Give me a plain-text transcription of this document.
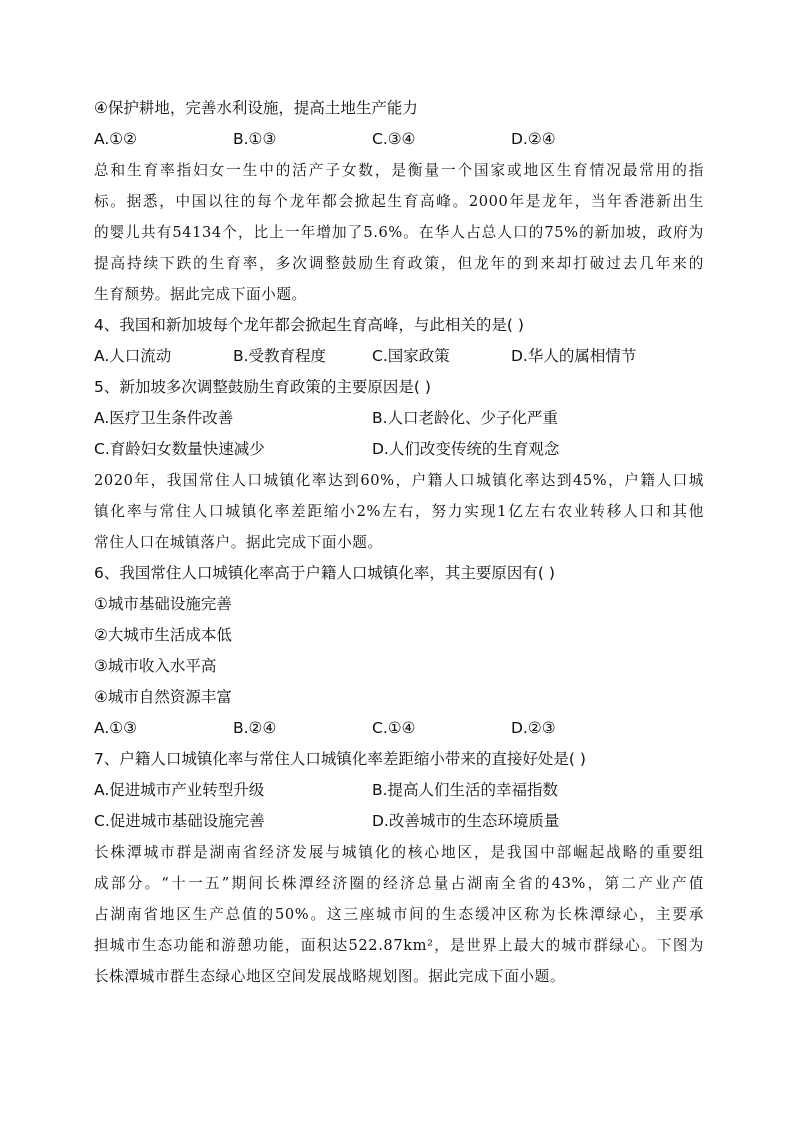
④保护耕地，完善水利设施，提高土地生产能力
A.①②	B.①③	C.③④	D.②④
总和生育率指妇女一生中的活产子女数，是衡量一个国家或地区生育情况最常用的指
标。据悉，中国以往的每个龙年都会掀起生育高峰。2000年是龙年，当年香港新出生
的婴儿共有54134个，比上一年增加了5.6%。在华人占总人口的75%的新加坡，政府为
提高持续下跌的生育率，多次调整鼓励生育政策，但龙年的到来却打破过去几年来的
生育颓势。据此完成下面小题。
4、我国和新加坡每个龙年都会掀起生育高峰，与此相关的是( )
A.人口流动	B.受教育程度	C.国家政策	D.华人的属相情节
5、新加坡多次调整鼓励生育政策的主要原因是( )
A.医疗卫生条件改善	B.人口老龄化、少子化严重
C.育龄妇女数量快速减少	D.人们改变传统的生育观念
2020年，我国常住人口城镇化率达到60%，户籍人口城镇化率达到45%，户籍人口城
镇化率与常住人口城镇化率差距缩小2%左右，努力实现1亿左右农业转移人口和其他
常住人口在城镇落户。据此完成下面小题。
6、我国常住人口城镇化率高于户籍人口城镇化率，其主要原因有( )
①城市基础设施完善
②大城市生活成本低
③城市收入水平高
④城市自然资源丰富
A.①③	B.②④	C.①④	D.②③
7、户籍人口城镇化率与常住人口城镇化率差距缩小带来的直接好处是( )
A.促进城市产业转型升级	B.提高人们生活的幸福指数
C.促进城市基础设施完善	D.改善城市的生态环境质量
长株潭城市群是湖南省经济发展与城镇化的核心地区，是我国中部崛起战略的重要组
成部分。“十一五”期间长株潭经济圈的经济总量占湖南全省的43%，第二产业产值
占湖南省地区生产总值的50%。这三座城市间的生态缓冲区称为长株潭绿心，主要承
担城市生态功能和游憩功能，面积达522.87km²，是世界上最大的城市群绿心。下图为
长株潭城市群生态绿心地区空间发展战略规划图。据此完成下面小题。
